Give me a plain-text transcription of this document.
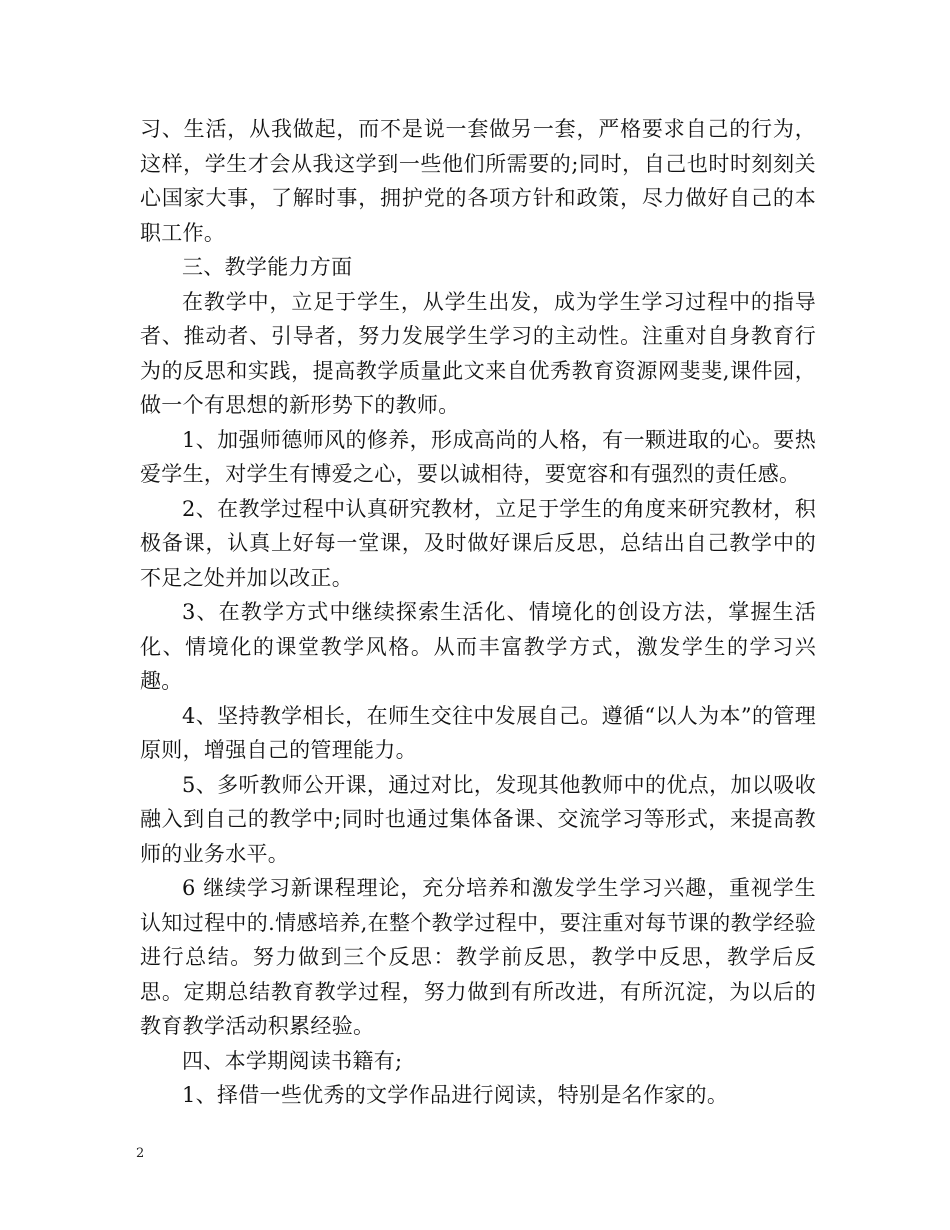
习、生活，从我做起，而不是说一套做另一套，严格要求自己的行为，这样，学生才会从我这学到一些他们所需要的;同时，自己也时时刻刻关心国家大事，了解时事，拥护党的各项方针和政策，尽力做好自己的本职工作。

三、教学能力方面

在教学中，立足于学生，从学生出发，成为学生学习过程中的指导者、推动者、引导者，努力发展学生学习的主动性。注重对自身教育行为的反思和实践，提高教学质量此文来自优秀教育资源网斐斐,课件园，做一个有思想的新形势下的教师。

1、加强师德师风的修养，形成高尚的人格，有一颗进取的心。要热爱学生，对学生有博爱之心，要以诚相待，要宽容和有强烈的责任感。

2、在教学过程中认真研究教材，立足于学生的角度来研究教材，积极备课，认真上好每一堂课，及时做好课后反思，总结出自己教学中的不足之处并加以改正。

3、在教学方式中继续探索生活化、情境化的创设方法，掌握生活化、情境化的课堂教学风格。从而丰富教学方式，激发学生的学习兴趣。

4、坚持教学相长，在师生交往中发展自己。遵循“以人为本”的管理原则，增强自己的管理能力。

5、多听教师公开课，通过对比，发现其他教师中的优点，加以吸收融入到自己的教学中;同时也通过集体备课、交流学习等形式，来提高教师的业务水平。

6 继续学习新课程理论，充分培养和激发学生学习兴趣，重视学生认知过程中的.情感培养,在整个教学过程中，要注重对每节课的教学经验进行总结。努力做到三个反思：教学前反思，教学中反思，教学后反思。定期总结教育教学过程，努力做到有所改进，有所沉淀，为以后的教育教学活动积累经验。

四、本学期阅读书籍有;

1、择借一些优秀的文学作品进行阅读，特别是名作家的。

2
